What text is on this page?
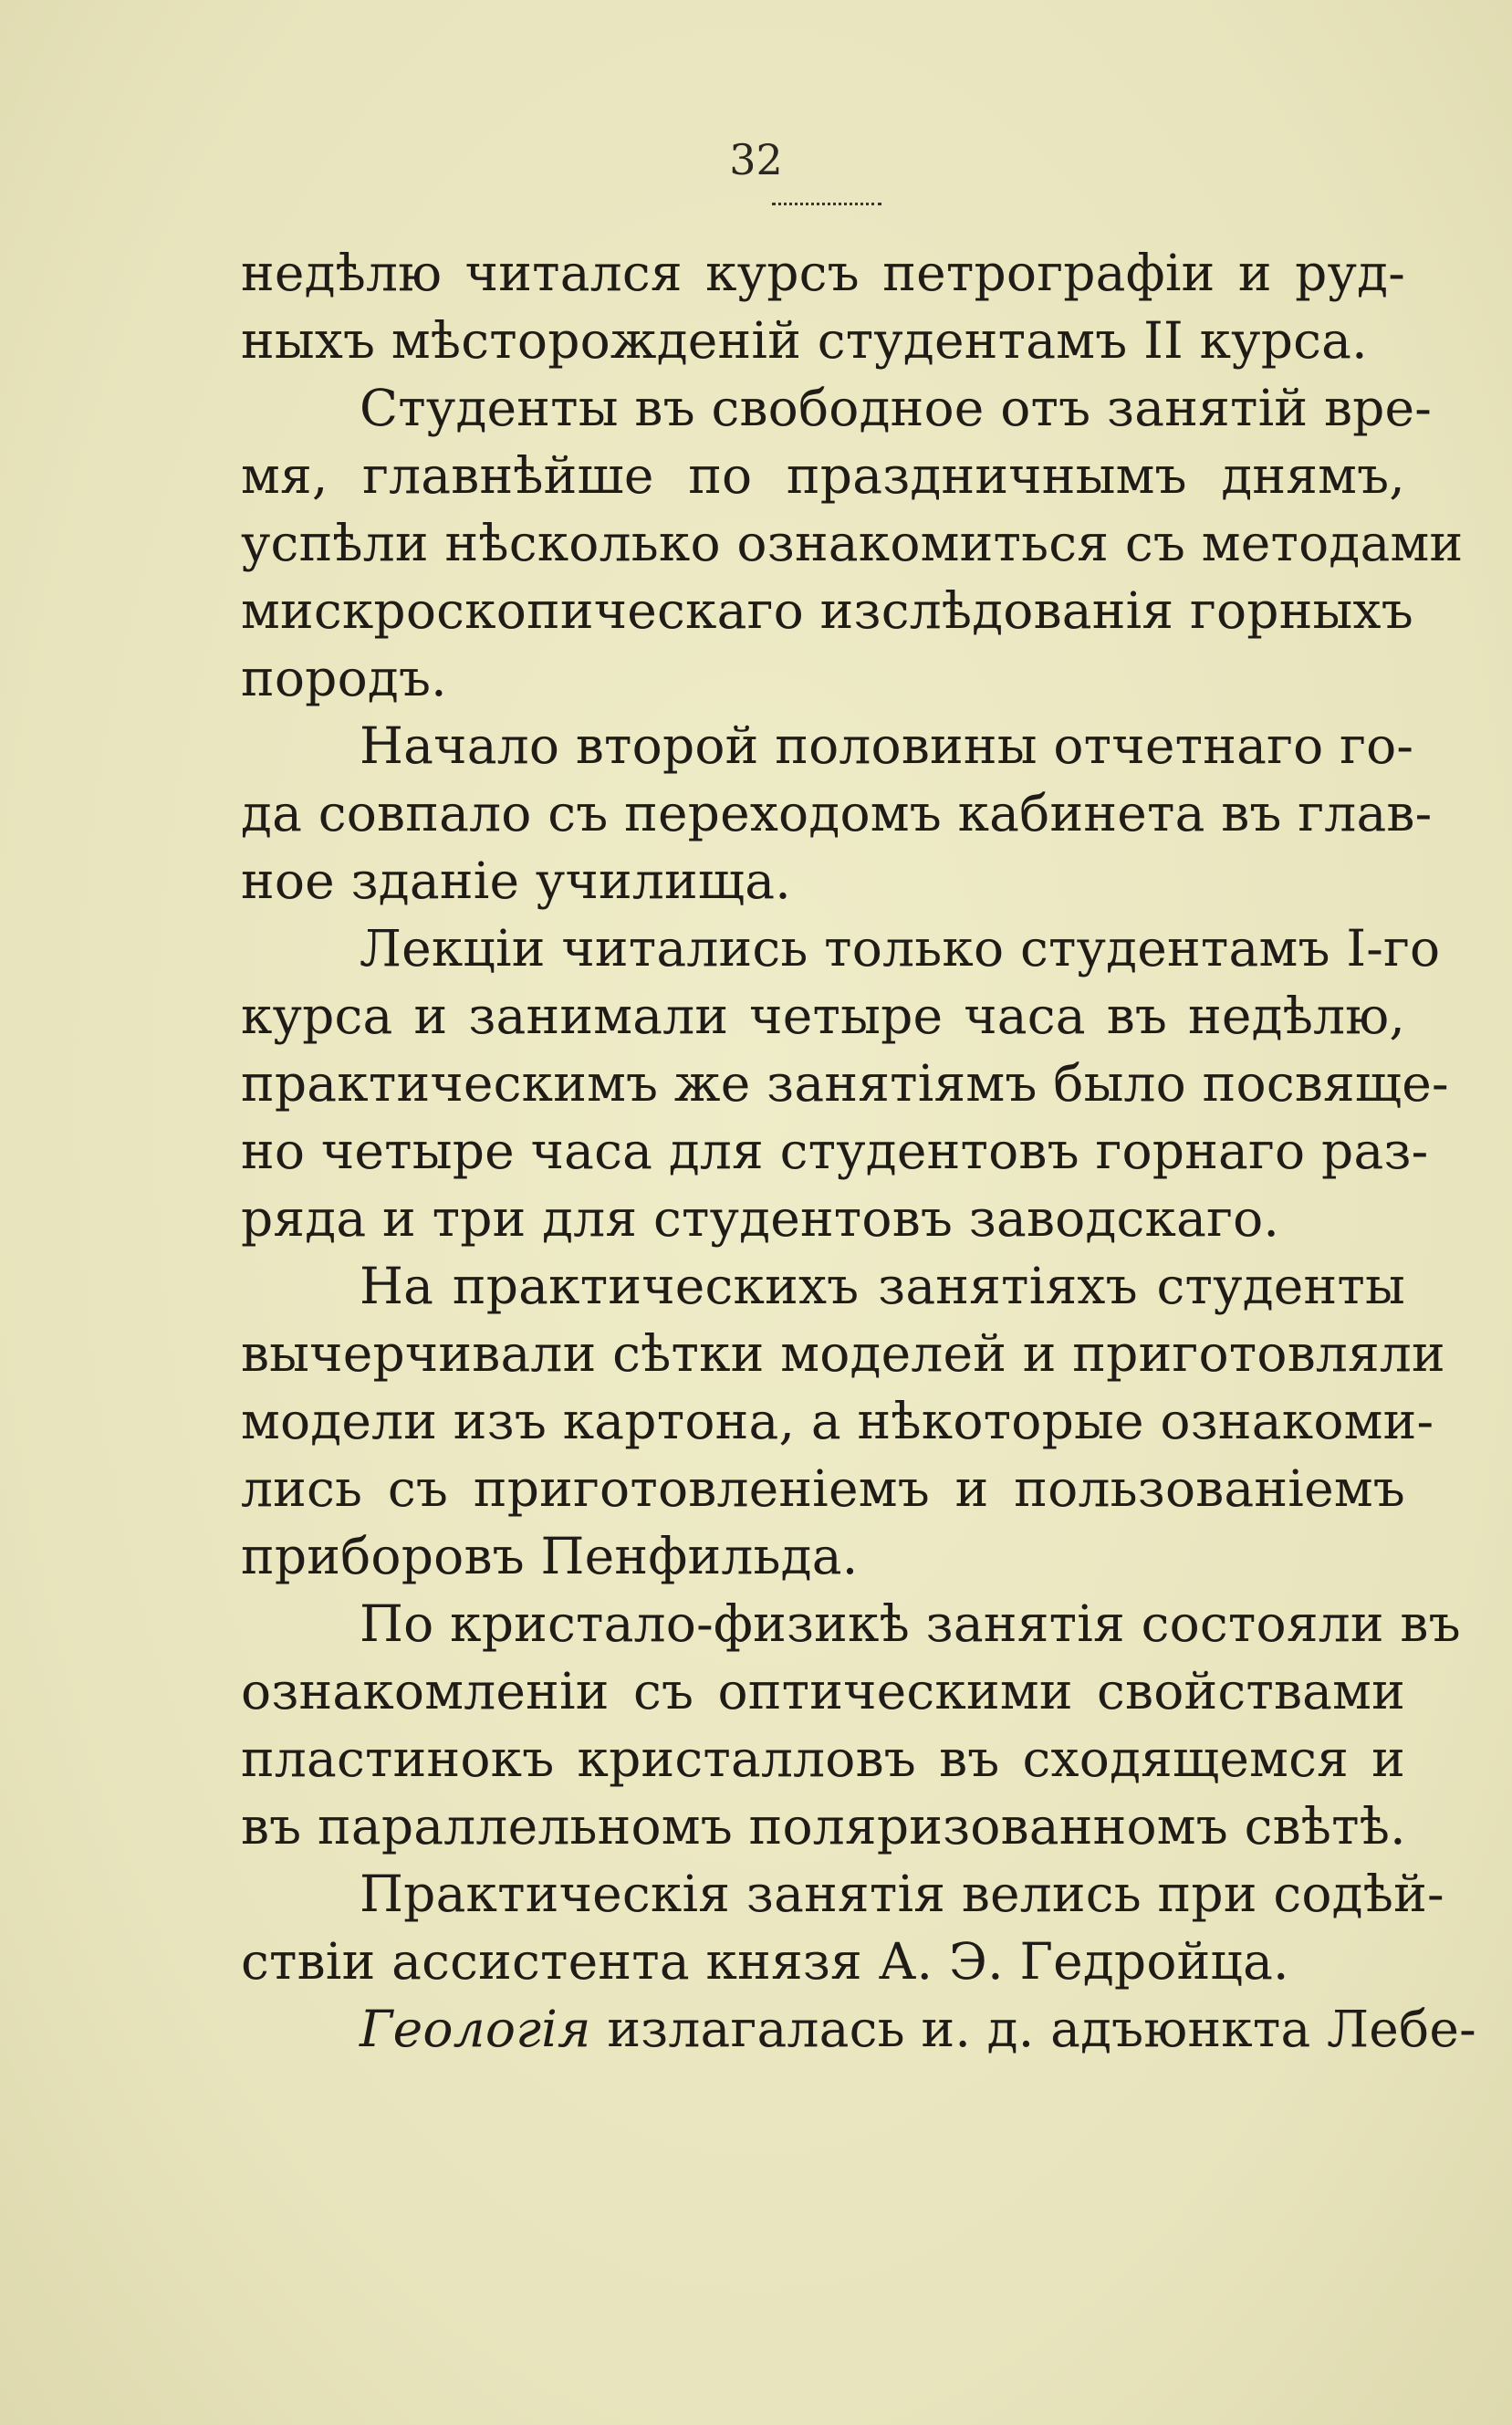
32
недѣлю читался курсъ петрографіи и руд-
ныхъ мѣсторожденій студентамъ II курса.
Студенты въ свободное отъ занятій вре-
мя, главнѣйше по праздничнымъ днямъ,
успѣли нѣсколько ознакомиться съ методами
мискроскопическаго изслѣдованія горныхъ
породъ.
Начало второй половины отчетнаго го-
да совпало съ переходомъ кабинета въ глав-
ное зданіе училища.
Лекціи читались только студентамъ I-го
курса и занимали четыре часа въ недѣлю,
практическимъ же занятіямъ было посвяще-
но четыре часа для студентовъ горнаго раз-
ряда и три для студентовъ заводскаго.
На практическихъ занятіяхъ студенты
вычерчивали сѣтки моделей и приготовляли
модели изъ картона, а нѣкоторые ознакоми-
лись съ приготовленіемъ и пользованіемъ
приборовъ Пенфильда.
По кристало-физикѣ занятія состояли въ
ознакомленіи съ оптическими свойствами
пластинокъ кристалловъ въ сходящемся и
въ параллельномъ поляризованномъ свѣтѣ.
Практическія занятія велись при содѣй-
ствіи ассистента князя А. Э. Гедройца.
Геологія излагалась и. д. адъюнкта Лебе-
